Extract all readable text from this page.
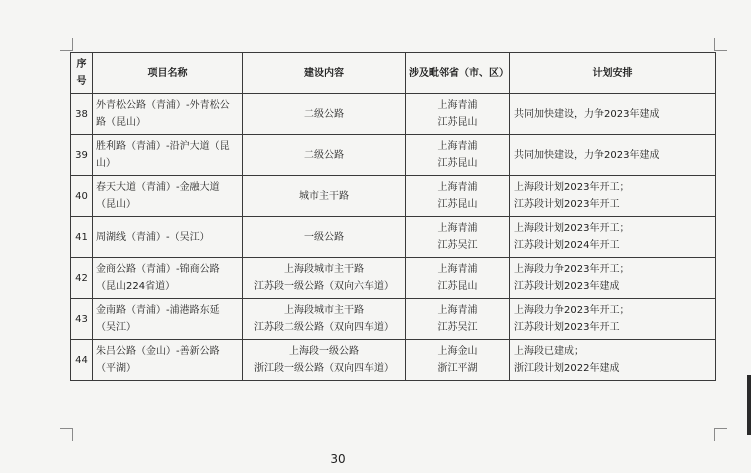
序号	项目名称	建设内容	涉及毗邻省（市、区）	计划安排
38	外青松公路（青浦）-外青松公路（昆山）	二级公路	上海青浦
江苏昆山	共同加快建设，力争2023年建成

39	胜利路（青浦）-沿沪大道（昆山）	二级公路	上海青浦
江苏昆山	共同加快建设，力争2023年建成

40	春天大道（青浦）-金融大道（昆山）	城市主干路	上海青浦
江苏昆山	上海段计划2023年开工；
江苏段计划2023年开工

41	周湖线（青浦）-（吴江）	一级公路	上海青浦
江苏吴江	上海段计划2023年开工；
江苏段计划2024年开工

42	金商公路（青浦）-锦商公路（昆山224省道）	上海段城市主干路
江苏段一级公路（双向六车道）	上海青浦
江苏昆山	上海段力争2023年开工；
江苏段计划2023年建成

43	金南路（青浦）-浦港路东延（吴江）	上海段城市主干路
江苏段二级公路（双向四车道）	上海青浦
江苏吴江	上海段力争2023年开工；
江苏段计划2023年开工

44	朱吕公路（金山）-善新公路（平湖）	上海段一级公路
浙江段一级公路（双向四车道）	上海金山
浙江平湖	上海段已建成；
浙江段计划2022年建成
30
